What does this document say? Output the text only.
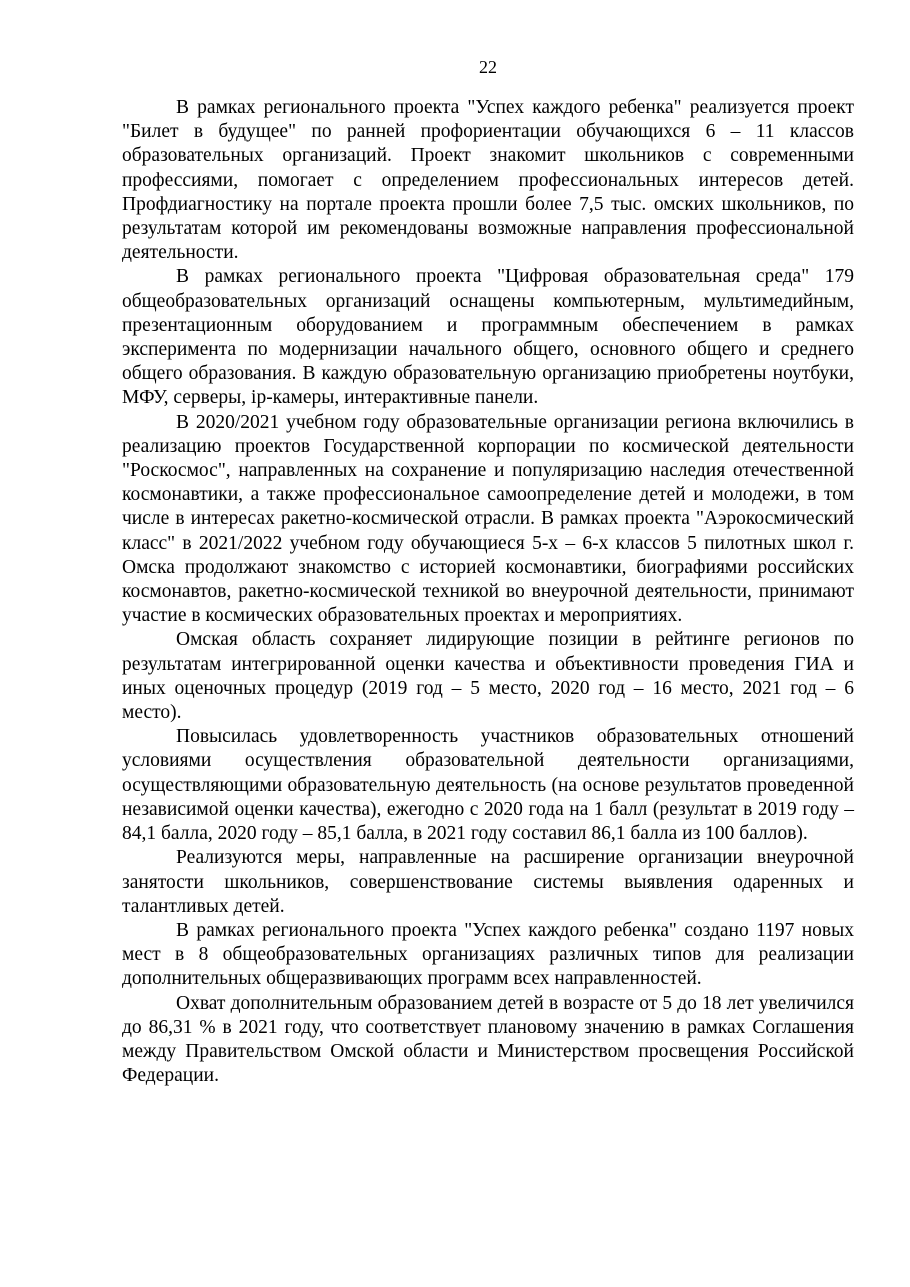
22

В рамках регионального проекта "Успех каждого ребенка" реализуется проект "Билет в будущее" по ранней профориентации обучающихся 6 – 11 классов образовательных организаций. Проект знакомит школьников с современными профессиями, помогает с определением профессиональных интересов детей. Профдиагностику на портале проекта прошли более 7,5 тыс. омских школьников, по результатам которой им рекомендованы возможные направления профессиональной деятельности.

В рамках регионального проекта "Цифровая образовательная среда" 179 общеобразовательных организаций оснащены компьютерным, мультимедийным, презентационным оборудованием и программным обеспечением в рамках эксперимента по модернизации начального общего, основного общего и среднего общего образования. В каждую образовательную организацию приобретены ноутбуки, МФУ, серверы, ip-камеры, интерактивные панели.

В 2020/2021 учебном году образовательные организации региона включились в реализацию проектов Государственной корпорации по космической деятельности "Роскосмос", направленных на сохранение и популяризацию наследия отечественной космонавтики, а также профессиональное самоопределение детей и молодежи, в том числе в интересах ракетно-космической отрасли. В рамках проекта "Аэрокосмический класс" в 2021/2022 учебном году обучающиеся 5-х – 6-х классов 5 пилотных школ г. Омска продолжают знакомство с историей космонавтики, биографиями российских космонавтов, ракетно-космической техникой во внеурочной деятельности, принимают участие в космических образовательных проектах и мероприятиях.

Омская область сохраняет лидирующие позиции в рейтинге регионов по результатам интегрированной оценки качества и объективности проведения ГИА и иных оценочных процедур (2019 год – 5 место, 2020 год – 16 место, 2021 год – 6 место).

Повысилась удовлетворенность участников образовательных отношений условиями осуществления образовательной деятельности организациями, осуществляющими образовательную деятельность (на основе результатов проведенной независимой оценки качества), ежегодно с 2020 года на 1 балл (результат в 2019 году – 84,1 балла, 2020 году – 85,1 балла, в 2021 году составил 86,1 балла из 100 баллов).

Реализуются меры, направленные на расширение организации внеурочной занятости школьников, совершенствование системы выявления одаренных и талантливых детей.

В рамках регионального проекта "Успех каждого ребенка" создано 1197 новых мест в 8 общеобразовательных организациях различных типов для реализации дополнительных общеразвивающих программ всех направленностей.

Охват дополнительным образованием детей в возрасте от 5 до 18 лет увеличился до 86,31 % в 2021 году, что соответствует плановому значению в рамках Соглашения между Правительством Омской области и Министерством просвещения Российской Федерации.
